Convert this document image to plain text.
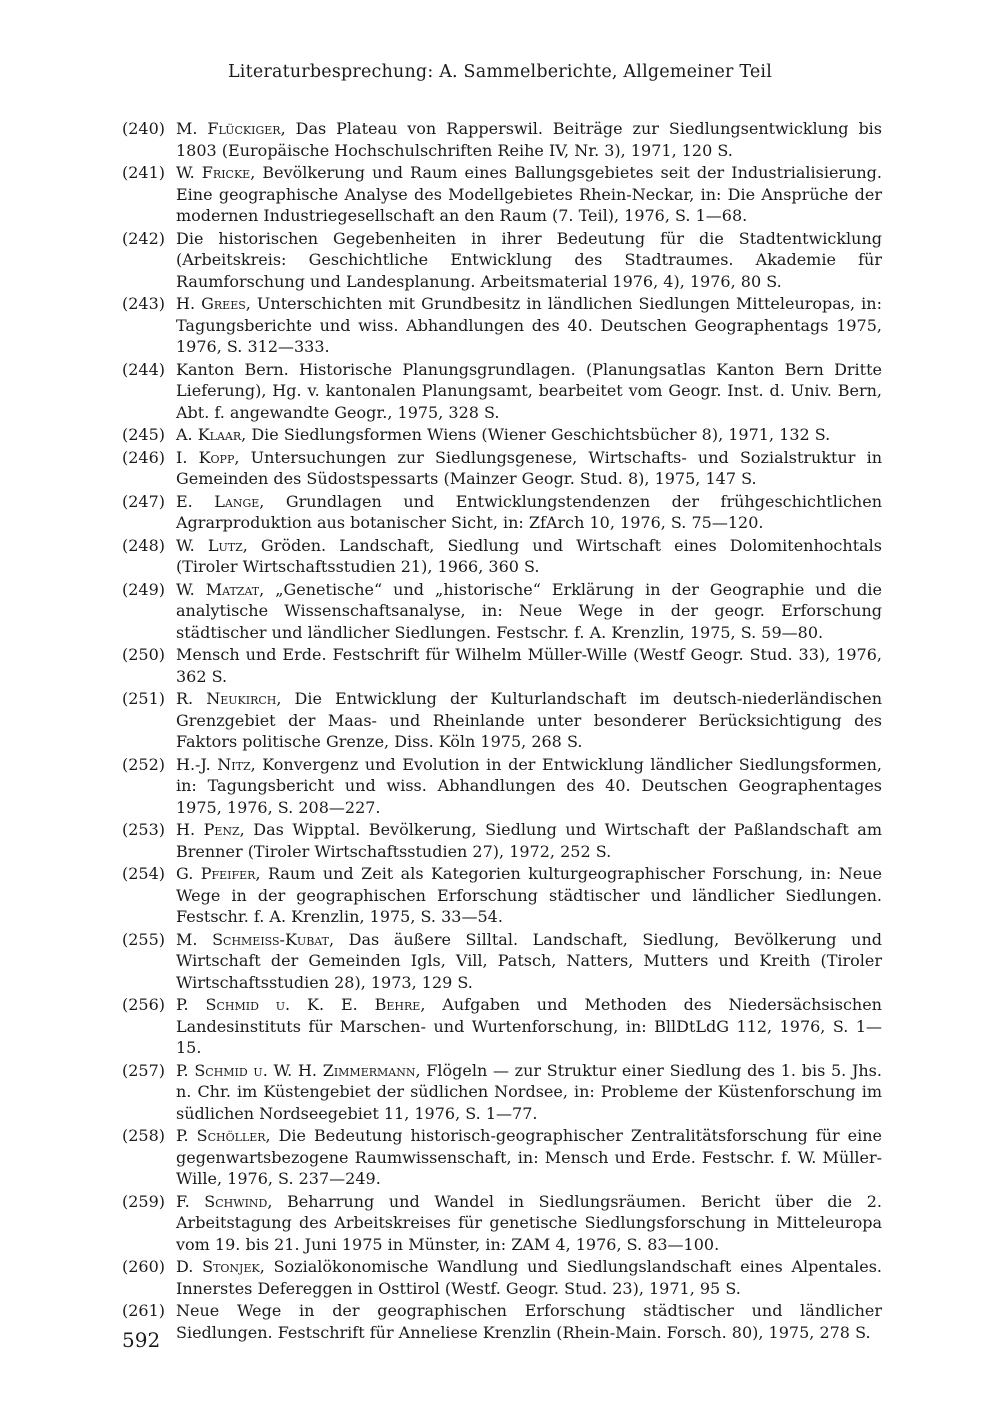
Literaturbesprechung: A. Sammelberichte, Allgemeiner Teil
(240) M. Flückiger, Das Plateau von Rapperswil. Beiträge zur Siedlungsentwicklung bis 1803 (Europäische Hochschulschriften Reihe IV, Nr. 3), 1971, 120 S.
(241) W. Fricke, Bevölkerung und Raum eines Ballungsgebietes seit der Industrialisierung. Eine geographische Analyse des Modellgebietes Rhein-Neckar, in: Die Ansprüche der modernen Industriegesellschaft an den Raum (7. Teil), 1976, S. 1—68.
(242) Die historischen Gegebenheiten in ihrer Bedeutung für die Stadtentwicklung (Arbeitskreis: Geschichtliche Entwicklung des Stadtraumes. Akademie für Raumforschung und Landesplanung. Arbeitsmaterial 1976, 4), 1976, 80 S.
(243) H. Grees, Unterschichten mit Grundbesitz in ländlichen Siedlungen Mitteleuropas, in: Tagungsberichte und wiss. Abhandlungen des 40. Deutschen Geographentags 1975, 1976, S. 312—333.
(244) Kanton Bern. Historische Planungsgrundlagen. (Planungsatlas Kanton Bern Dritte Lieferung), Hg. v. kantonalen Planungsamt, bearbeitet vom Geogr. Inst. d. Univ. Bern, Abt. f. angewandte Geogr., 1975, 328 S.
(245) A. Klaar, Die Siedlungsformen Wiens (Wiener Geschichtsbücher 8), 1971, 132 S.
(246) I. Kopp, Untersuchungen zur Siedlungsgenese, Wirtschafts- und Sozialstruktur in Gemeinden des Südostspessarts (Mainzer Geogr. Stud. 8), 1975, 147 S.
(247) E. Lange, Grundlagen und Entwicklungstendenzen der frühgeschichtlichen Agrarproduktion aus botanischer Sicht, in: ZfArch 10, 1976, S. 75—120.
(248) W. Lutz, Gröden. Landschaft, Siedlung und Wirtschaft eines Dolomitenhochtals (Tiroler Wirtschaftsstudien 21), 1966, 360 S.
(249) W. Matzat, „Genetische“ und „historische“ Erklärung in der Geographie und die analytische Wissenschaftsanalyse, in: Neue Wege in der geogr. Erforschung städtischer und ländlicher Siedlungen. Festschr. f. A. Krenzlin, 1975, S. 59—80.
(250) Mensch und Erde. Festschrift für Wilhelm Müller-Wille (Westf Geogr. Stud. 33), 1976, 362 S.
(251) R. Neukirch, Die Entwicklung der Kulturlandschaft im deutsch-niederländischen Grenzgebiet der Maas- und Rheinlande unter besonderer Berücksichtigung des Faktors politische Grenze, Diss. Köln 1975, 268 S.
(252) H.-J. Nitz, Konvergenz und Evolution in der Entwicklung ländlicher Siedlungsformen, in: Tagungsbericht und wiss. Abhandlungen des 40. Deutschen Geographentages 1975, 1976, S. 208—227.
(253) H. Penz, Das Wipptal. Bevölkerung, Siedlung und Wirtschaft der Paßlandschaft am Brenner (Tiroler Wirtschaftsstudien 27), 1972, 252 S.
(254) G. Pfeifer, Raum und Zeit als Kategorien kulturgeographischer Forschung, in: Neue Wege in der geographischen Erforschung städtischer und ländlicher Siedlungen. Festschr. f. A. Krenzlin, 1975, S. 33—54.
(255) M. Schmeiss-Kubat, Das äußere Silltal. Landschaft, Siedlung, Bevölkerung und Wirtschaft der Gemeinden Igls, Vill, Patsch, Natters, Mutters und Kreith (Tiroler Wirtschaftsstudien 28), 1973, 129 S.
(256) P. Schmid u. K. E. Behre, Aufgaben und Methoden des Niedersächsischen Landesinstituts für Marschen- und Wurtenforschung, in: BllDtLdG 112, 1976, S. 1—15.
(257) P. Schmid u. W. H. Zimmermann, Flögeln — zur Struktur einer Siedlung des 1. bis 5. Jhs. n. Chr. im Küstengebiet der südlichen Nordsee, in: Probleme der Küstenforschung im südlichen Nordseegebiet 11, 1976, S. 1—77.
(258) P. Schöller, Die Bedeutung historisch-geographischer Zentralitätsforschung für eine gegenwartsbezogene Raumwissenschaft, in: Mensch und Erde. Festschr. f. W. Müller-Wille, 1976, S. 237—249.
(259) F. Schwind, Beharrung und Wandel in Siedlungsräumen. Bericht über die 2. Arbeitstagung des Arbeitskreises für genetische Siedlungsforschung in Mitteleuropa vom 19. bis 21. Juni 1975 in Münster, in: ZAM 4, 1976, S. 83—100.
(260) D. Stonjek, Sozialökonomische Wandlung und Siedlungslandschaft eines Alpentales. Innerstes Defereggen in Osttirol (Westf. Geogr. Stud. 23), 1971, 95 S.
(261) Neue Wege in der geographischen Erforschung städtischer und ländlicher Siedlungen. Festschrift für Anneliese Krenzlin (Rhein-Main. Forsch. 80), 1975, 278 S.
592
